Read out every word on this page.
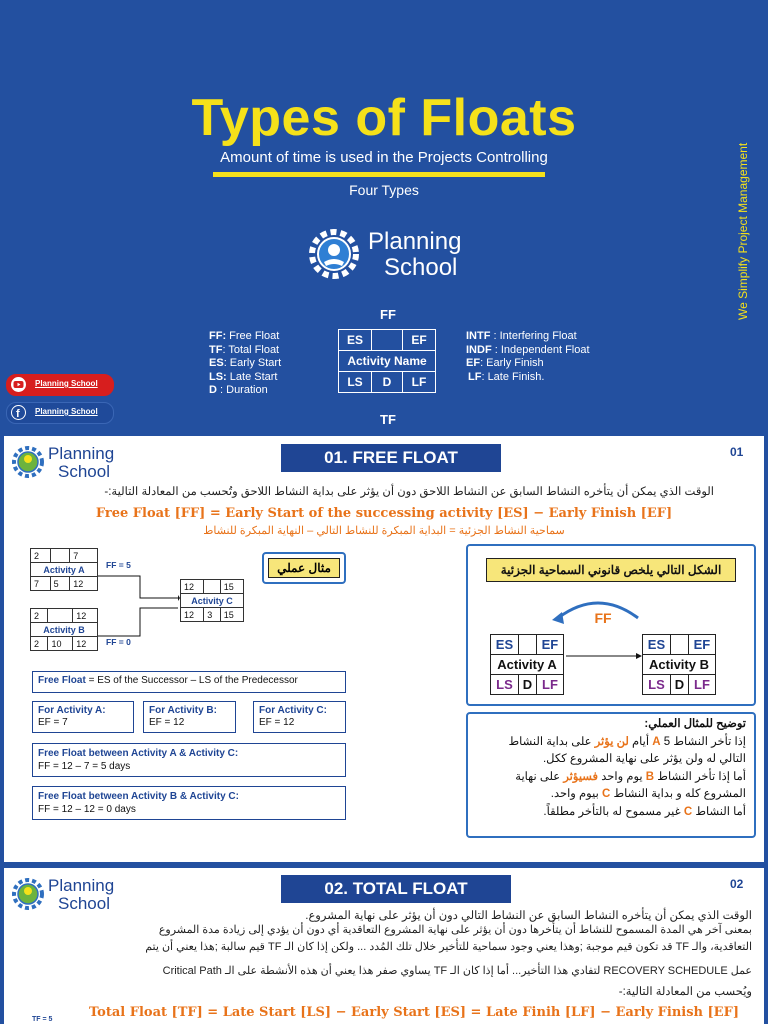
Types of Floats
Amount of time is used in the Projects Controlling
Four Types	We Simplify Project Management
Planning
School
FF: Free Float
TF: Total Float
ES: Early Start
LS: Late Start
D : Duration
FF
ES		EF
Activity Name		
LS	D	LF
TF
INTF : Interfering Float
INDF : Independent Float
EF: Early Finish
LF: Late Finish.
Planning School
f Planning School
Planning
School
01. FREE FLOAT	01
الوقت الذي يمكن أن يتأخره النشاط السابق عن النشاط اللاحق دون أن يؤثر على بداية النشاط اللاحق وتُحسب من المعادلة التالية:-
Free Float [FF] = Early Start of the successing activity [ES] − Early Finish [EF]
سماحية النشاط الجزئية = البداية المبكرة للنشاط التالي – النهاية المبكرة للنشاط
2		7
Activity A		
7	5	12
FF = 5
2		12
Activity B		
2	10	12 FF = 0
12		15
Activity C		
12	3	15
مثال عملي
Free Float = ES of the Successor – LS of the Predecessor
For Activity A:
EF = 7
For Activity B:
EF = 12
For Activity C:
EF = 12
Free Float between Activity A & Activity C:
FF = 12 – 7 = 5 days
Free Float between Activity B & Activity C:
FF = 12 – 12 = 0 days
الشكل التالي يلخص قانوني السماحية الجزئية
FF
ES		EF
Activity A		
LS	D	LF
ES		EF
Activity B		
LS	D	LF
توضيح للمثال العملي:
إذا تأخر النشاط A 5 أيام لن يؤثر على بداية النشاط
التالي له ولن يؤثر على نهاية المشروع ككل.
أما إذا تأخر النشاط B يوم واحد فسيؤثر على نهاية
المشروع كله و بداية النشاط C بيوم واحد.
أما النشاط C غير مسموح له بالتأخر مطلقاً.
Planning
School
02. TOTAL FLOAT	02
الوقت الذي يمكن أن يتأخره النشاط السابق عن النشاط التالي دون أن يؤثر على نهاية المشروع.
بمعنى آخر هي المدة المسموح للنشاط أن يتأخرها دون أن يؤثر على نهاية المشروع التعاقدية أي دون أن يؤدي إلى زيادة مدة المشروع
التعاقدية، والـ TF قد تكون قيم موجبة ;وهذا يعني وجود سماحية للتأخير خلال تلك المُدد ... ولكن إذا كان الـ TF قيم سالبة ;هذا يعني أن يتم
عمل RECOVERY SCHEDULE لتفادي هذا التأخير... أما إذا كان الـ TF يساوي صفر هذا يعني أن هذه الأنشطة على الـ Critical Path
ويُحسب من المعادلة التالية:-
Total Float [TF] = Late Start [LS] − Early Start [ES] = Late Finih [LF] − Early Finish [EF]
TF = 5
